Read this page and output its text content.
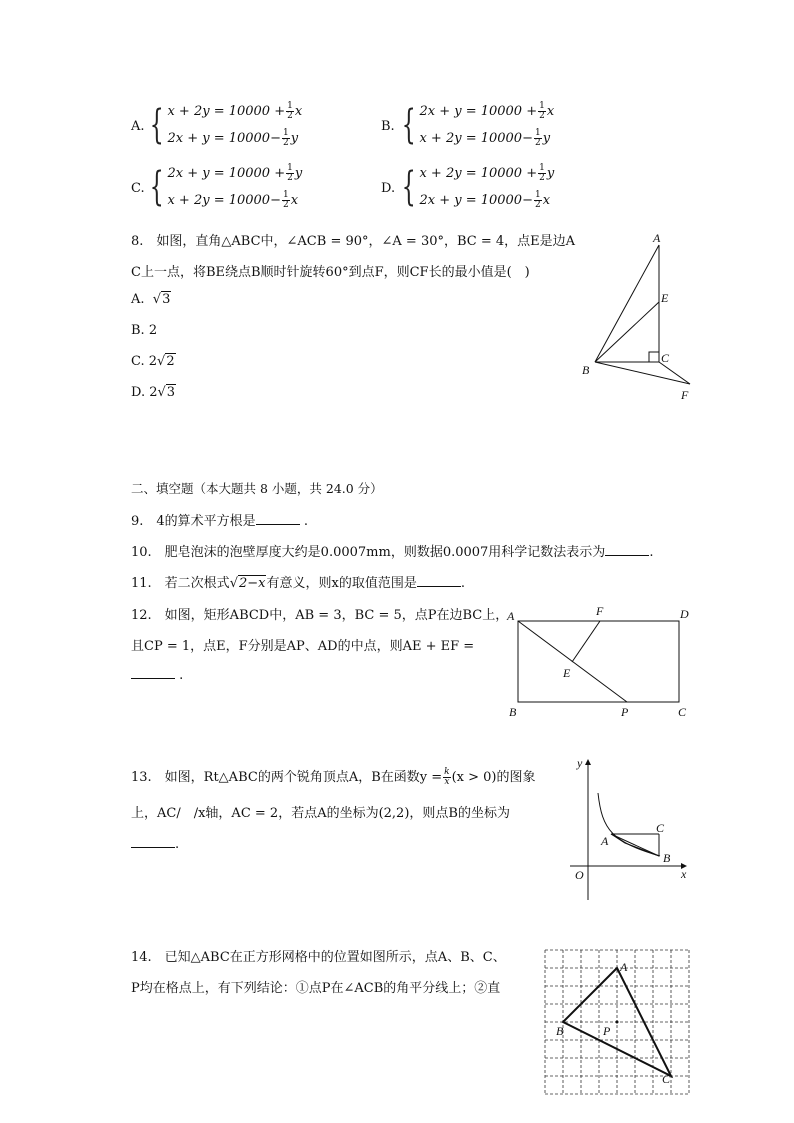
A. { $x + 2y = 10000 + \frac{1}{2}$ x
$2x + y = 10000- \frac{1}{2}$ y
B. { $2x + y = 10000 + \frac{1}{2}$ x
$x + 2y = 10000- \frac{1}{2}$ y
C. { $2x + y = 10000 + \frac{1}{2}$ y
$x + 2y = 10000- \frac{1}{2}$ x
D. { $x + 2y = 10000 + \frac{1}{2}$ y
$2x + y = 10000- \frac{1}{2}$ x
8.　如图，直角△ABC中，∠ACB = 90°，∠A = 30°，BC = 4，点E是边A
C上一点，将BE绕点B顺时针旋转60°到点F，则CF长的最小值是(　)
A.  √3
B. 2
C. 2√2
D. 2√3
A
E
C
B
F
二、填空题（本大题共 8 小题，共 24.0 分）
9.　4的算术平方根是	.
10.　肥皂泡沫的泡壁厚度大约是0.0007mm，则数据0.0007用科学记数法表示为	.
11.　若二次根式√2−x有意义，则x的取值范围是	.
12.　如图，矩形ABCD中，AB = 3，BC = 5，点P在边BC上，
且CP = 1，点E，F分别是AP、AD的中点，则AE + EF =
.
A	F	D
E
B	P	C
13.　如图，Rt△ABC的两个锐角顶点A，B在函数$y = \frac{k}{x} (x > 0)$的图象
上，AC/　/x轴，AC = 2，若点A的坐标为(2,2)，则点B的坐标为
.
y
x
O
A
C
B
14.　已知△ABC在正方形网格中的位置如图所示，点A、B、C、
P均在格点上，有下列结论：①点P在∠ACB的角平分线上；②直
A
B	P
C
